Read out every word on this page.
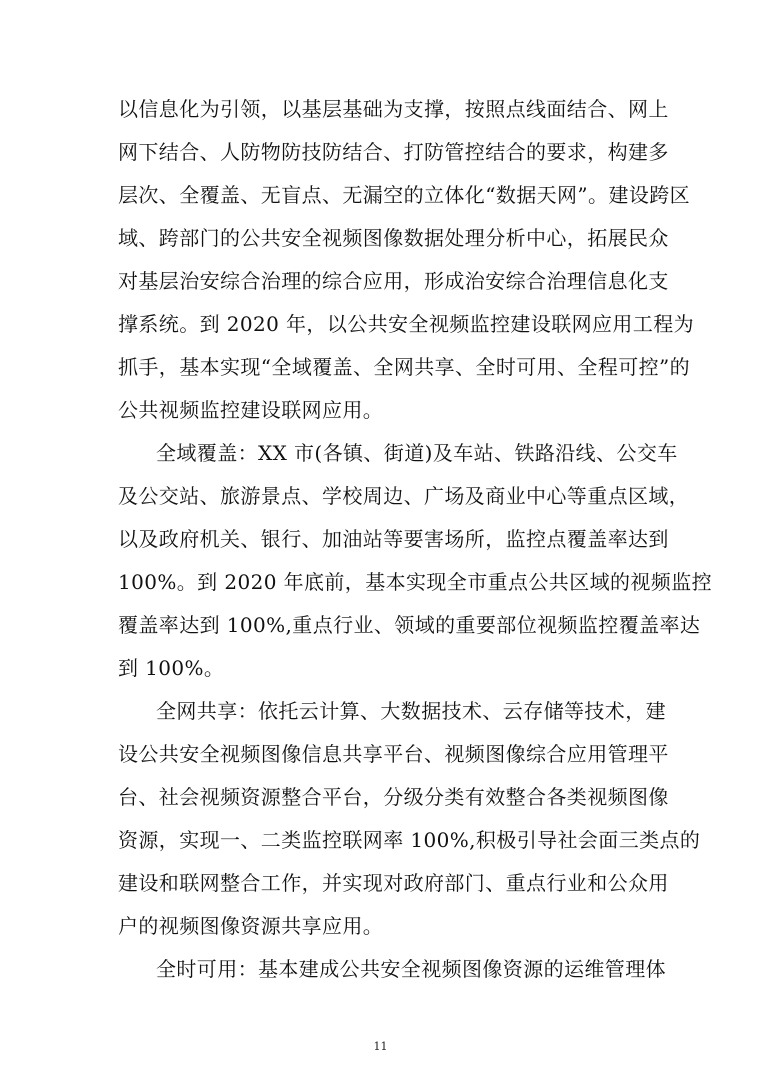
以信息化为引领，以基层基础为支撑，按照点线面结合、网上
网下结合、人防物防技防结合、打防管控结合的要求，构建多
层次、全覆盖、无盲点、无漏空的立体化“数据天网”。建设跨区
域、跨部门的公共安全视频图像数据处理分析中心，拓展民众
对基层治安综合治理的综合应用，形成治安综合治理信息化支
撑系统。到 2020 年，以公共安全视频监控建设联网应用工程为
抓手，基本实现“全域覆盖、全网共享、全时可用、全程可控”的
公共视频监控建设联网应用。
全域覆盖：XX 市(各镇、街道)及车站、铁路沿线、公交车
及公交站、旅游景点、学校周边、广场及商业中心等重点区域，
以及政府机关、银行、加油站等要害场所，监控点覆盖率达到
100%。到 2020 年底前，基本实现全市重点公共区域的视频监控
覆盖率达到 100%,重点行业、领域的重要部位视频监控覆盖率达
到 100%。
全网共享：依托云计算、大数据技术、云存储等技术，建
设公共安全视频图像信息共享平台、视频图像综合应用管理平
台、社会视频资源整合平台，分级分类有效整合各类视频图像
资源，实现一、二类监控联网率 100%,积极引导社会面三类点的
建设和联网整合工作，并实现对政府部门、重点行业和公众用
户的视频图像资源共享应用。
全时可用：基本建成公共安全视频图像资源的运维管理体
11
